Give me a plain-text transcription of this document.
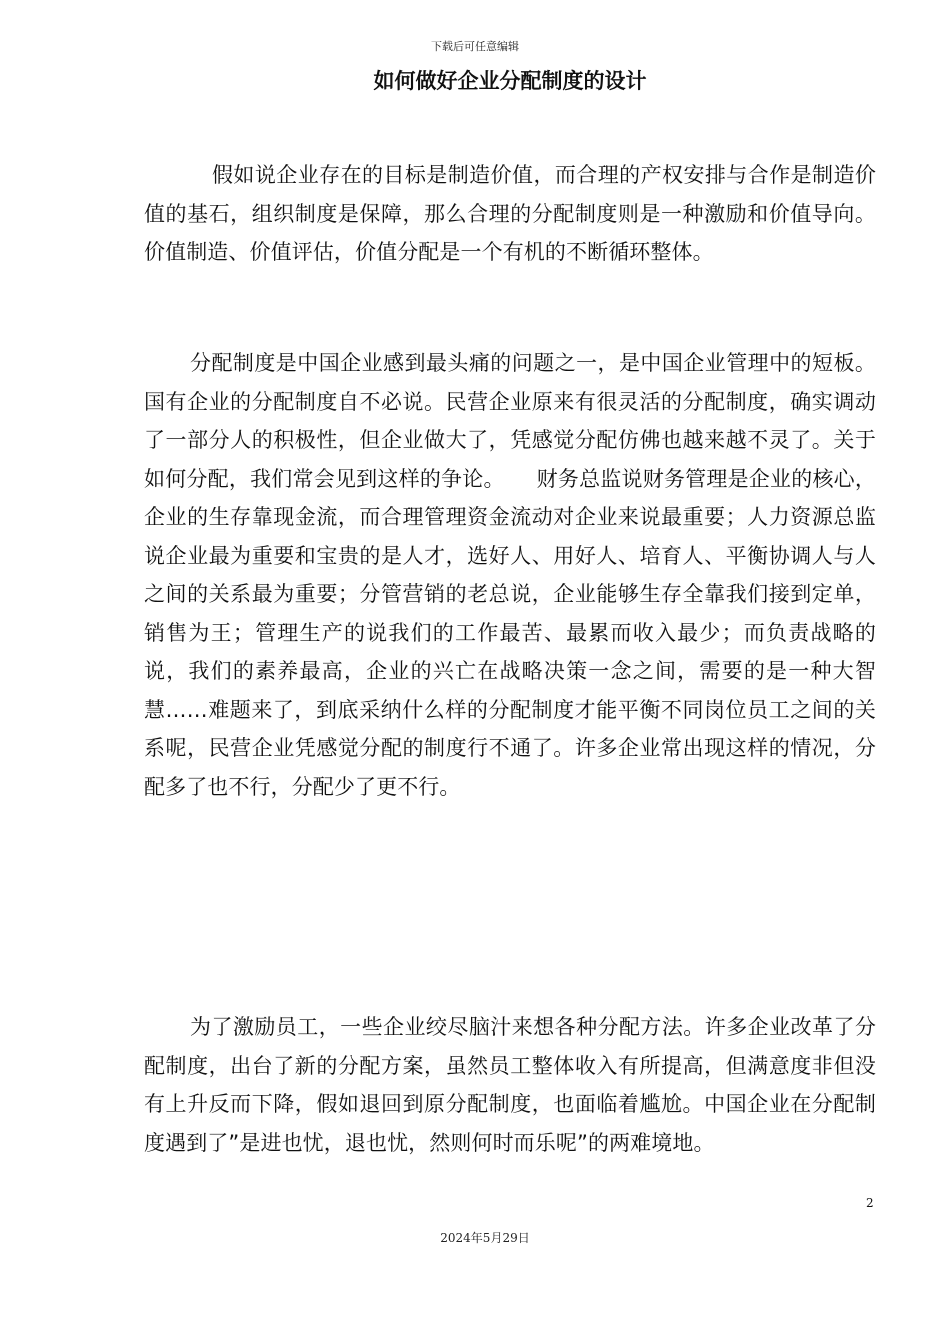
下载后可任意编辑
如何做好企业分配制度的设计

假如说企业存在的目标是制造价值，而合理的产权安排与合作是制造价值的基石，组织制度是保障，那么合理的分配制度则是一种激励和价值导向。价值制造、价值评估，价值分配是一个有机的不断循环整体。

分配制度是中国企业感到最头痛的问题之一，是中国企业管理中的短板。国有企业的分配制度自不必说。民营企业原来有很灵活的分配制度，确实调动了一部分人的积极性，但企业做大了，凭感觉分配仿佛也越来越不灵了。关于如何分配，我们常会见到这样的争论。　　财务总监说财务管理是企业的核心，企业的生存靠现金流，而合理管理资金流动对企业来说最重要；人力资源总监说企业最为重要和宝贵的是人才，选好人、用好人、培育人、平衡协调人与人之间的关系最为重要；分管营销的老总说，企业能够生存全靠我们接到定单，销售为王；管理生产的说我们的工作最苦、最累而收入最少；而负责战略的说，我们的素养最高，企业的兴亡在战略决策一念之间，需要的是一种大智慧……难题来了，到底采纳什么样的分配制度才能平衡不同岗位员工之间的关系呢，民营企业凭感觉分配的制度行不通了。许多企业常出现这样的情况，分配多了也不行，分配少了更不行。

为了激励员工，一些企业绞尽脑汁来想各种分配方法。许多企业改革了分配制度，出台了新的分配方案，虽然员工整体收入有所提高，但满意度非但没有上升反而下降，假如退回到原分配制度，也面临着尴尬。中国企业在分配制度遇到了”是进也忧，退也忧，然则何时而乐呢”的两难境地。

2
2024年5月29日
